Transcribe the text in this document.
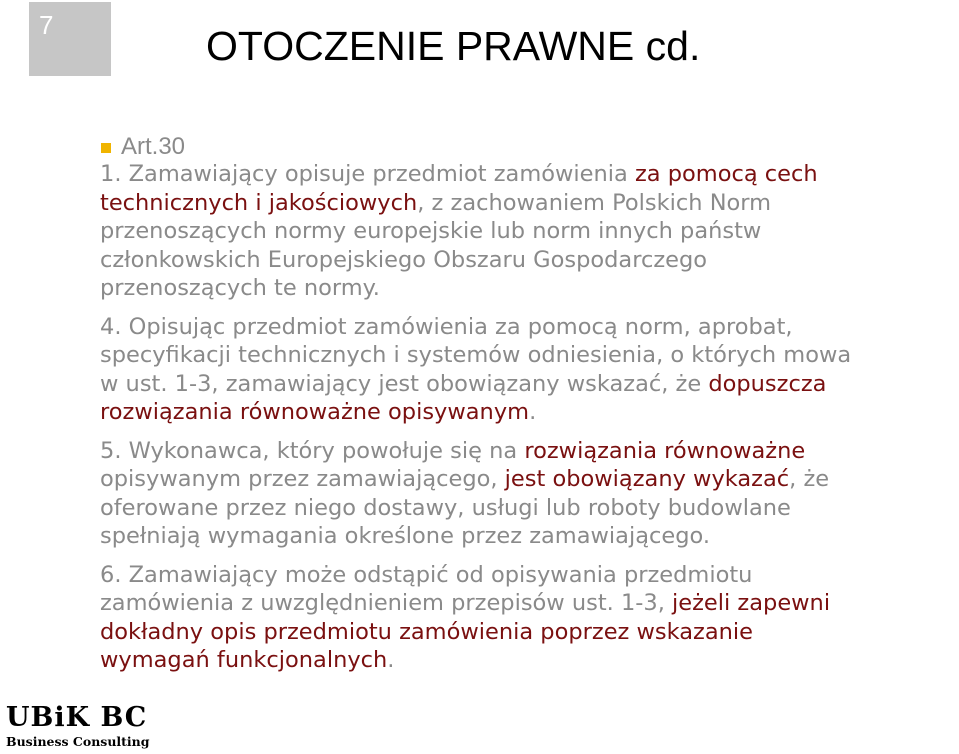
7	OTOCZENIE PRAWNE cd.
Art.30
1. Zamawiający opisuje przedmiot zamówienia za pomocą cech
technicznych i jakościowych, z zachowaniem Polskich Norm
przenoszących normy europejskie lub norm innych państw
członkowskich Europejskiego Obszaru Gospodarczego
przenoszących te normy.
4. Opisując przedmiot zamówienia za pomocą norm, aprobat,
specyfikacji technicznych i systemów odniesienia, o których mowa
w ust. 1-3, zamawiający jest obowiązany wskazać, że dopuszcza
rozwiązania równoważne opisywanym.
5. Wykonawca, który powołuje się na rozwiązania równoważne
opisywanym przez zamawiającego, jest obowiązany wykazać, że
oferowane przez niego dostawy, usługi lub roboty budowlane
spełniają wymagania określone przez zamawiającego.
6. Zamawiający może odstąpić od opisywania przedmiotu
zamówienia z uwzględnieniem przepisów ust. 1-3, jeżeli zapewni
dokładny opis przedmiotu zamówienia poprzez wskazanie
wymagań funkcjonalnych.
UBiK BC
Business Consulting
